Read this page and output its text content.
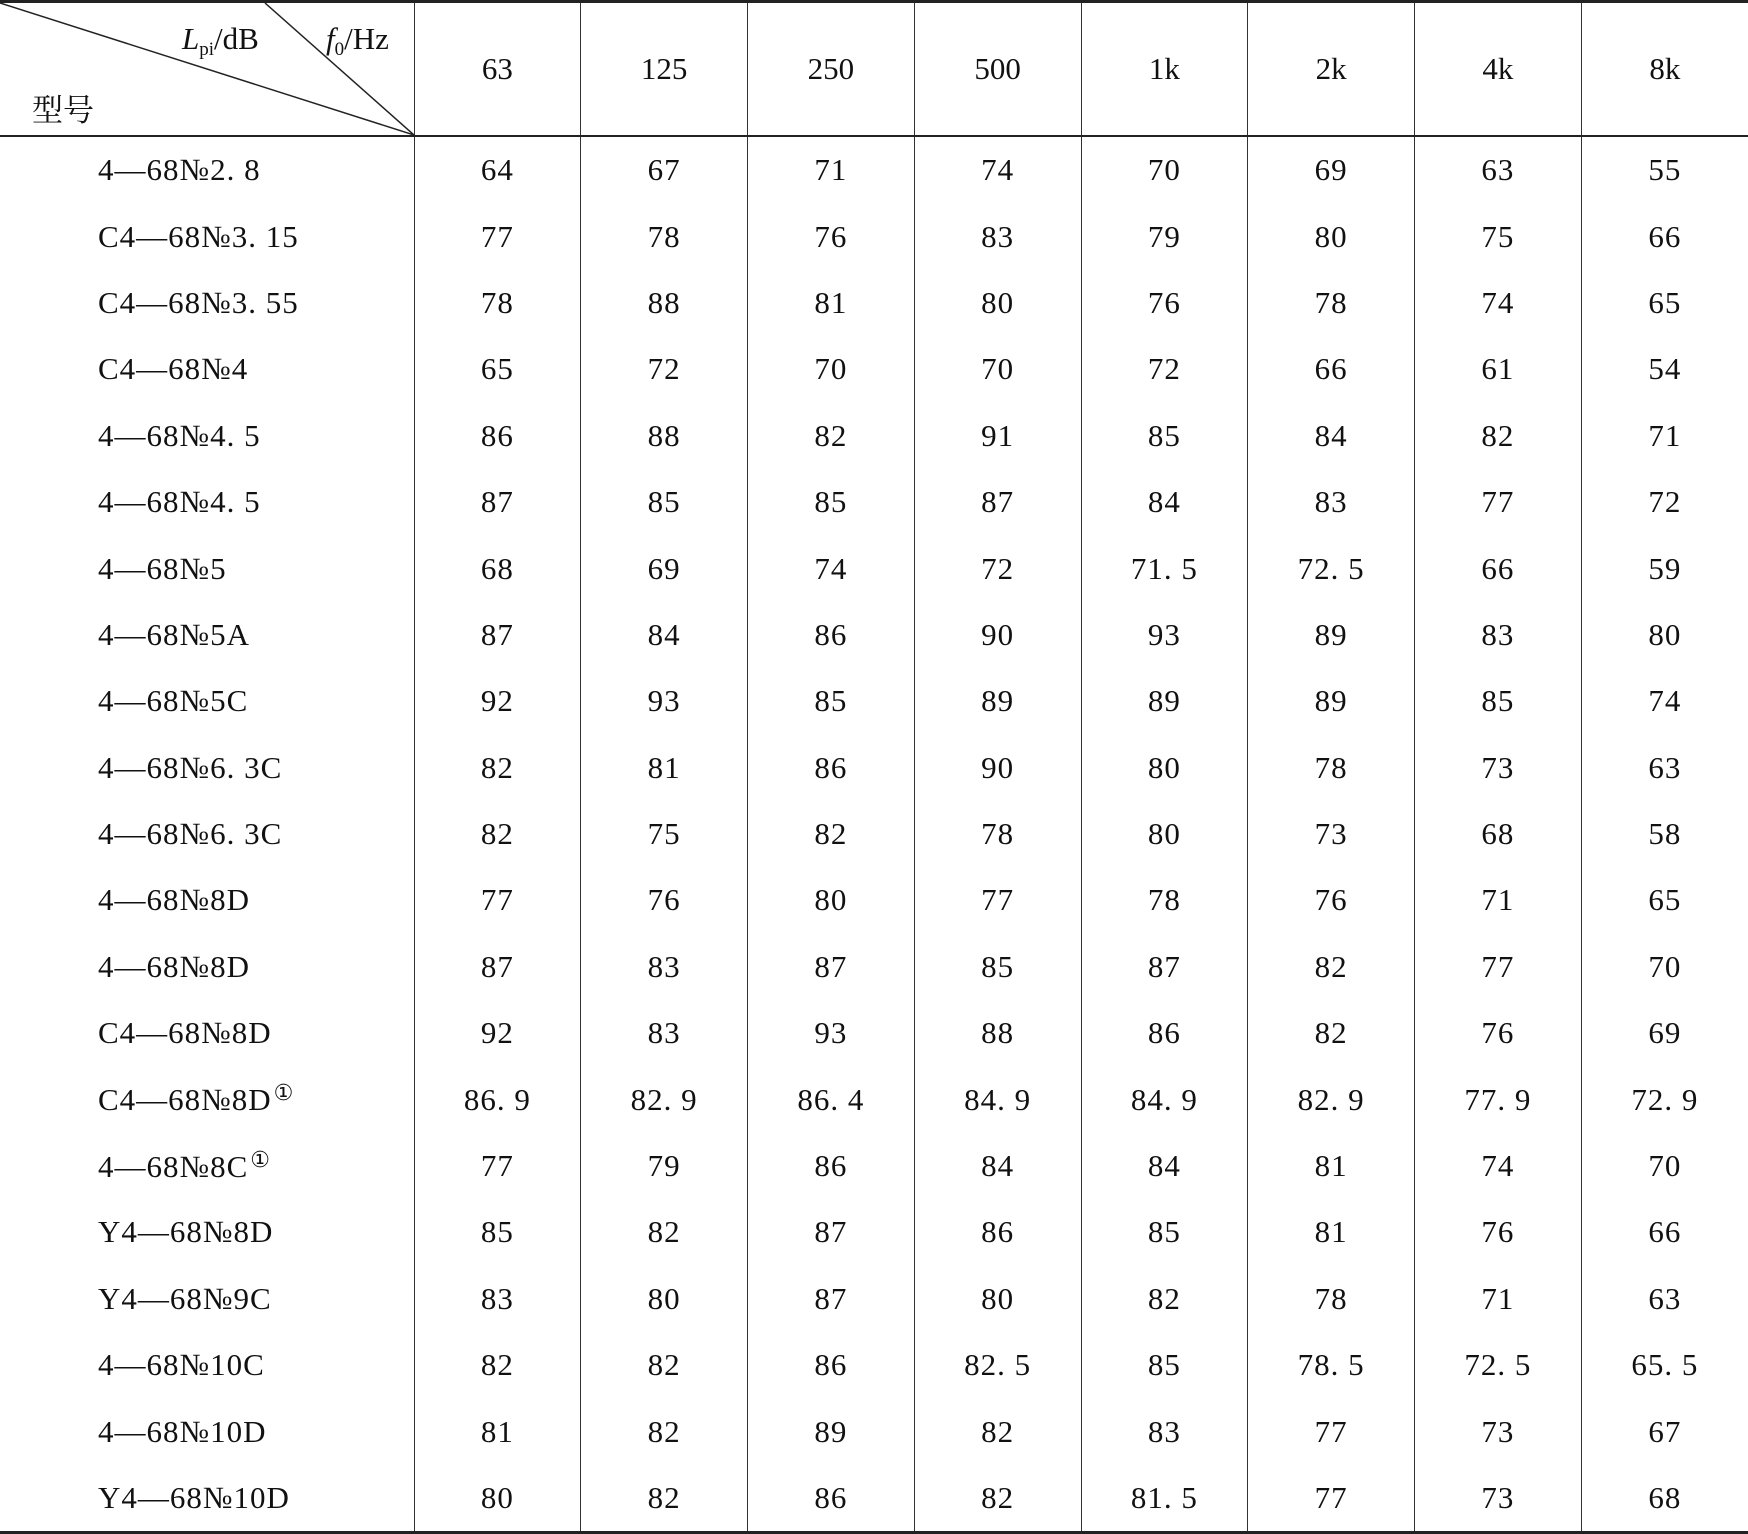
$L_{pi}/dB$ $f_0/Hz$
型号	63	125	250	500	1k	2k	4k	8k
4—68№2. 8	64	67	71	74	70	69	63	55
C4—68№3. 15	77	78	76	83	79	80	75	66
C4—68№3. 55	78	88	81	80	76	78	74	65
C4—68№4	65	72	70	70	72	66	61	54
4—68№4. 5	86	88	82	91	85	84	82	71
4—68№4. 5	87	85	85	87	84	83	77	72
4—68№5	68	69	74	72	71. 5	72. 5	66	59
4—68№5A	87	84	86	90	93	89	83	80
4—68№5C	92	93	85	89	89	89	85	74
4—68№6. 3C	82	81	86	90	80	78	73	63
4—68№6. 3C	82	75	82	78	80	73	68	58
4—68№8D	77	76	80	77	78	76	71	65
4—68№8D	87	83	87	85	87	82	77	70
C4—68№8D	92	83	93	88	86	82	76	69
C4—68№8D①	86. 9	82. 9	86. 4	84. 9	84. 9	82. 9	77. 9	72. 9
4—68№8C①	77	79	86	84	84	81	74	70
Y4—68№8D	85	82	87	86	85	81	76	66
Y4—68№9C	83	80	87	80	82	78	71	63
4—68№10C	82	82	86	82. 5	85	78. 5	72. 5	65. 5
4—68№10D	81	82	89	82	83	77	73	67
Y4—68№10D	80	82	86	82	81. 5	77	73	68
